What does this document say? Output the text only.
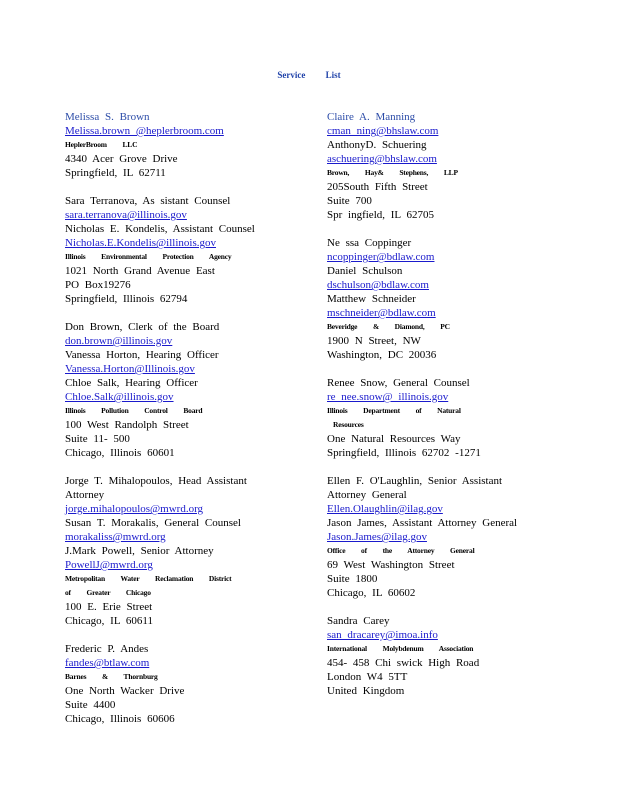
Service List
Melissa S. Brown
Melissa.brown @heplerbroom.com
HeplerBroom LLC
4340 Acer Grove Drive
Springfield, IL 62711
Sara Terranova, As sistant Counsel
sara.terranova@illinois.gov
Nicholas E. Kondelis, Assistant Counsel
Nicholas.E.Kondelis@illinois.gov
Illinois Environmental Protection Agency
1021 North Grand Avenue East
PO Box19276
Springfield, Illinois 62794
Don Brown, Clerk of the Board
don.brown@illinois.gov
Vanessa Horton, Hearing Officer
Vanessa.Horton@Illinois.gov
Chloe Salk, Hearing Officer
Chloe.Salk@illinois.gov
Illinois Pollution Control Board
100 West Randolph Street
Suite 11- 500
Chicago, Illinois 60601
Jorge T. Mihalopoulos, Head Assistant
Attorney
jorge.mihalopoulos@mwrd.org
Susan T. Morakalis, General Counsel
morakaliss@mwrd.org
J.Mark Powell, Senior Attorney
PowellJ@mwrd.org
Metropolitan Water Reclamation District
of Greater Chicago
100 E. Erie Street
Chicago, IL 60611
Frederic P. Andes
fandes@btlaw.com
Barnes & Thornburg
One North Wacker Drive
Suite 4400
Chicago, Illinois 60606
Claire A. Manning
cman ning@bhslaw.com
AnthonyD. Schuering
aschuering@bhslaw.com
Brown, Hay& Stephens, LLP
205South Fifth Street
Suite 700
Spr ingfield, IL 62705
Ne ssa Coppinger
ncoppinger@bdlaw.com
Daniel Schulson
dschulson@bdlaw.com
Matthew Schneider
mschneider@bdlaw.com
Beveridge & Diamond, PC
1900 N Street, NW
Washington, DC 20036
Renee Snow, General Counsel
re nee.snow@ illinois.gov
Illinois Department of Natural
Resources
One Natural Resources Way
Springfield, Illinois 62702 -1271
Ellen F. O'Laughlin, Senior Assistant
Attorney General
Ellen.Olaughlin@ilag.gov
Jason James, Assistant Attorney General
Jason.James@ilag.gov
Office of the Attorney General
69 West Washington Street
Suite 1800
Chicago, IL 60602
Sandra Carey
san dracarey@imoa.info
International Molybdenum Association
454- 458 Chi swick High Road
London W4 5TT
United Kingdom
